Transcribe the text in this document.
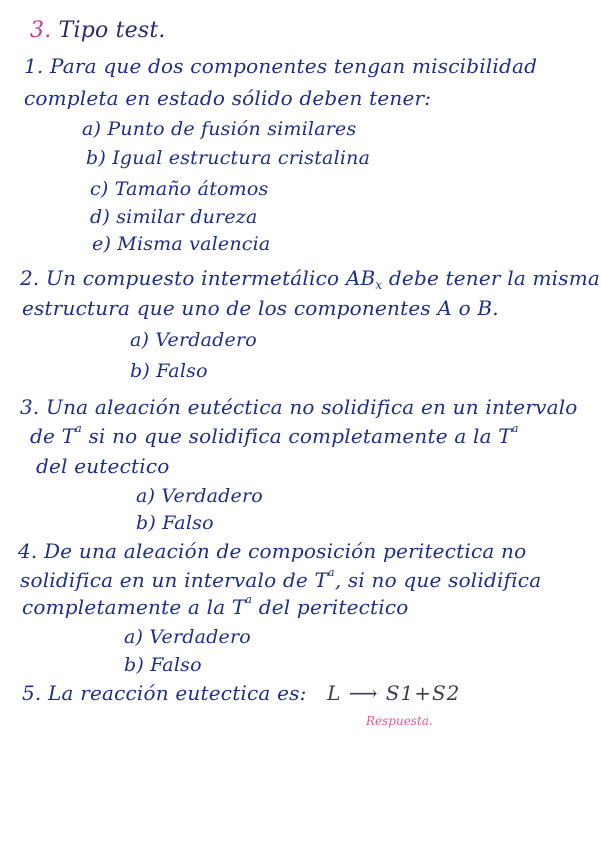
3. Tipo test.
1. Para que dos componentes tengan miscibilidad
completa en estado sólido deben tener:
a) Punto de fusión similares
b) Igual estructura cristalina
c) Tamaño átomos
d) similar dureza
e) Misma valencia
2. Un compuesto intermetálico ABx debe tener la misma
estructura que uno de los componentes A o B.
a) Verdadero
b) Falso
3. Una aleación eutéctica no solidifica en un intervalo
de $T^a$ si no que solidifica completamente a la $T^a$
del eutectico
a) Verdadero
b) Falso
4. De una aleación de composición peritectica no
solidifica en un intervalo de $T^a$, si no que solidifica
completamente a la $T^a$ del peritectico
a) Verdadero
b) Falso
5. La reacción eutectica es: L ⟶ S1+S2
Respuesta.
